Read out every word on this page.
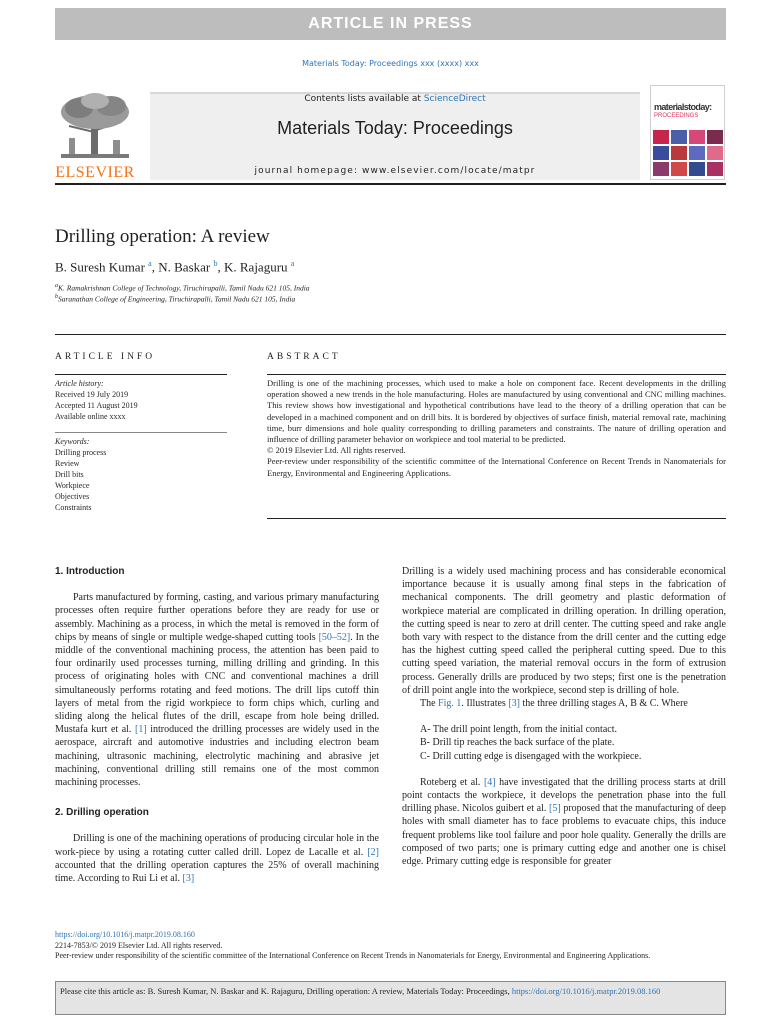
ARTICLE IN PRESS
Materials Today: Proceedings xxx (xxxx) xxx
ELSEVIER
Contents lists available at ScienceDirect
Materials Today: Proceedings
journal homepage: www.elsevier.com/locate/matpr
materialstoday:
PROCEEDINGS
Drilling operation: A review
B. Suresh Kumar $^a$, N. Baskar $^b$, K. Rajaguru $^a$
$^a$K. Ramakrishnan College of Technology, Tiruchirapalli, Tamil Nadu 621 105, India
$^b$Saranathan College of Engineering, Tiruchirapalli, Tamil Nadu 621 105, India
ARTICLE INFO
Article history:
Received 19 July 2019
Accepted 11 August 2019
Available online xxxx
Keywords:
Drilling process
Review
Drill bits
Workpiece
Objectives
Constraints
ABSTRACT
Drilling is one of the machining processes, which used to make a hole on component face. Recent developments in the drilling operation showed a new trends in the hole manufacturing. Holes are manufactured by using conventional and CNC milling machines. This review shows how investigational and hypothetical contributions have lead to the theory of a drilling operation that can be developed in a machined component and on drill bits. It is bordered by objectives of surface finish, material removal rate, machining time, burr dimensions and hole quality corresponding to drilling parameters and constraints. The nature of drilling operation and influence of drilling parameter behavior on workpiece and tool material to be predicted.
© 2019 Elsevier Ltd. All rights reserved.
Peer-review under responsibility of the scientific committee of the International Conference on Recent Trends in Nanomaterials for Energy, Environmental and Engineering Applications.
1. Introduction

Parts manufactured by forming, casting, and various primary manufacturing processes often require further operations before they are ready for use or assembly. Machining as a process, in which the metal is removed in the form of chips by means of single or multiple wedge-shaped cutting tools [50–52]. In the middle of the conventional machining process, the attention has been paid to four ordinarily used processes turning, milling drilling and grinding. In this process of originating holes with CNC and conventional machines a drill simultaneously performs rotating and feed motions. The drill lips cutoff thin layers of metal from the rigid workpiece to form chips which, curling and sliding along the helical flutes of the drill, escape from hole being drilled. Mustafa kurt et al. [1] introduced the drilling processes are widely used in the aerospace, aircraft and automotive industries and including electron beam machining, ultrasonic machining, electrolytic machining and abrasive jet machining, conventional drilling still remains one of the most common machining processes.

2. Drilling operation

Drilling is one of the machining operations of producing circular hole in the work-piece by using a rotating cutter called drill. Lopez de Lacalle et al. [2] accounted that the drilling operation captures the 25% of overall machining time. According to Rui Li et al. [3]

Drilling is a widely used machining process and has considerable economical importance because it is usually among final steps in the fabrication of mechanical components. The drill geometry and plastic deformation of workpiece material are complicated in drilling operation. In drilling operation, the cutting speed is near to zero at drill center. The cutting speed and rake angle both vary with respect to the distance from the drill center and the cutting edge has the highest cutting speed called the peripheral cutting speed. Due to this cutting speed variation, the material removal occurs in the form of extrusion process. Generally drills are produced by two steps; first one is the penetration of drill point angle into the workpiece, second step is drilling of hole.

The Fig. 1. Illustrates [3] the three drilling stages A, B & C. Where

A- The drill point length, from the initial contact.
B- Drill tip reaches the back surface of the plate.
C- Drill cutting edge is disengaged with the workpiece.

Roteberg et al. [4] have investigated that the drilling process starts at drill point contacts the workpiece, it develops the penetration phase into the full drilling phase. Nicolos guibert et al. [5] proposed that the manufacturing of deep holes with small diameter has to face problems to evacuate chips, this induce frequent problems like tool failure and poor hole quality. Generally the drills are composed of two parts; one is primary cutting edge and another one is chisel edge. Primary cutting edge is responsible for greater

https://doi.org/10.1016/j.matpr.2019.08.160
2214-7853/© 2019 Elsevier Ltd. All rights reserved.
Peer-review under responsibility of the scientific committee of the International Conference on Recent Trends in Nanomaterials for Energy, Environmental and Engineering Applications.
Please cite this article as: B. Suresh Kumar, N. Baskar and K. Rajaguru, Drilling operation: A review, Materials Today: Proceedings, https://doi.org/10.1016/j.matpr.2019.08.160
